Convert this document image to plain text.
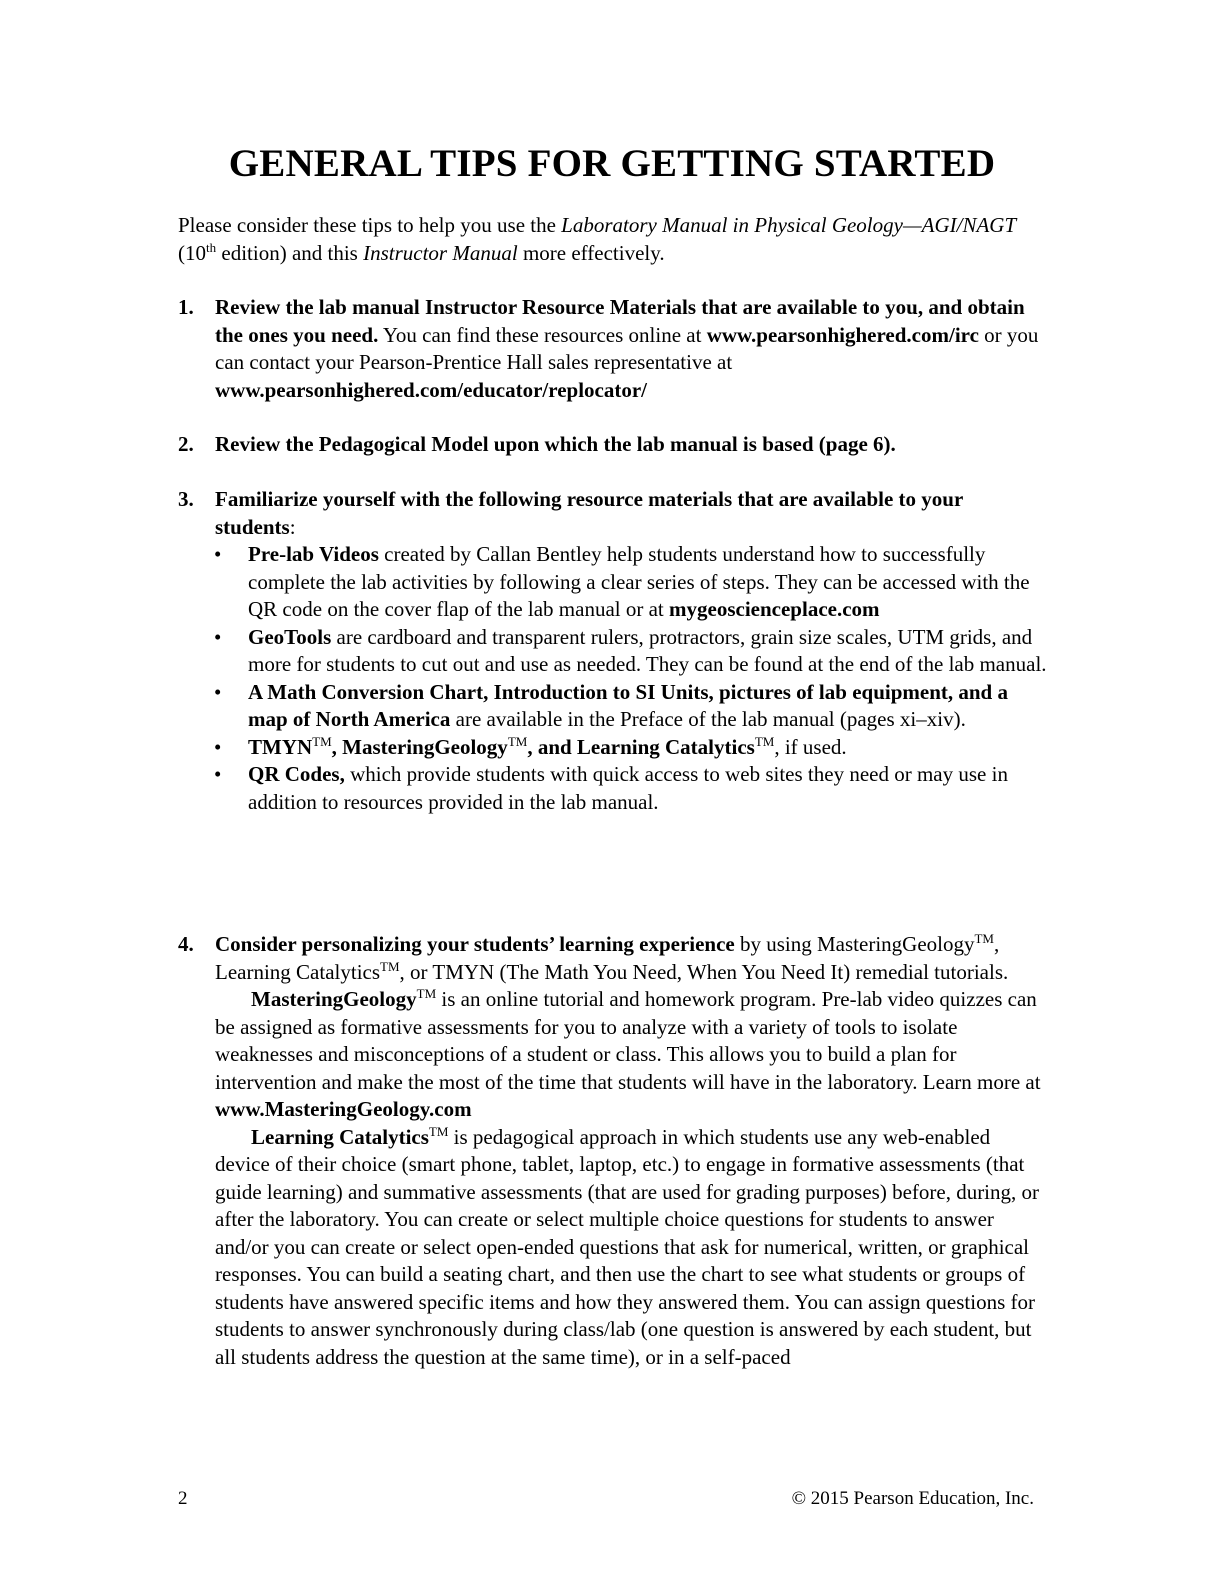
GENERAL TIPS FOR GETTING STARTED
Please consider these tips to help you use the Laboratory Manual in Physical Geology—AGI/NAGT (10th edition) and this Instructor Manual more effectively.
1. Review the lab manual Instructor Resource Materials that are available to you, and obtain the ones you need. You can find these resources online at www.pearsonhighered.com/irc or you can contact your Pearson-Prentice Hall sales representative at www.pearsonhighered.com/educator/replocator/
2. Review the Pedagogical Model upon which the lab manual is based (page 6).
3. Familiarize yourself with the following resource materials that are available to your students:
• Pre-lab Videos created by Callan Bentley help students understand how to successfully complete the lab activities by following a clear series of steps. They can be accessed with the QR code on the cover flap of the lab manual or at mygeoscienceplace.com
• GeoTools are cardboard and transparent rulers, protractors, grain size scales, UTM grids, and more for students to cut out and use as needed. They can be found at the end of the lab manual.
• A Math Conversion Chart, Introduction to SI Units, pictures of lab equipment, and a map of North America are available in the Preface of the lab manual (pages xi–xiv).
• TMYN™, MasteringGeology™, and Learning Catalytics™, if used.
• QR Codes, which provide students with quick access to web sites they need or may use in addition to resources provided in the lab manual.
4. Consider personalizing your students’ learning experience by using MasteringGeology™, Learning Catalytics™, or TMYN (The Math You Need, When You Need It) remedial tutorials.
MasteringGeology™ is an online tutorial and homework program. Pre-lab video quizzes can be assigned as formative assessments for you to analyze with a variety of tools to isolate weaknesses and misconceptions of a student or class. This allows you to build a plan for intervention and make the most of the time that students will have in the laboratory. Learn more at www.MasteringGeology.com
Learning Catalytics™ is pedagogical approach in which students use any web-enabled device of their choice (smart phone, tablet, laptop, etc.) to engage in formative assessments (that guide learning) and summative assessments (that are used for grading purposes) before, during, or after the laboratory. You can create or select multiple choice questions for students to answer and/or you can create or select open-ended questions that ask for numerical, written, or graphical responses. You can build a seating chart, and then use the chart to see what students or groups of students have answered specific items and how they answered them. You can assign questions for students to answer synchronously during class/lab (one question is answered by each student, but all students address the question at the same time), or in a self-paced
2	© 2015 Pearson Education, Inc.
